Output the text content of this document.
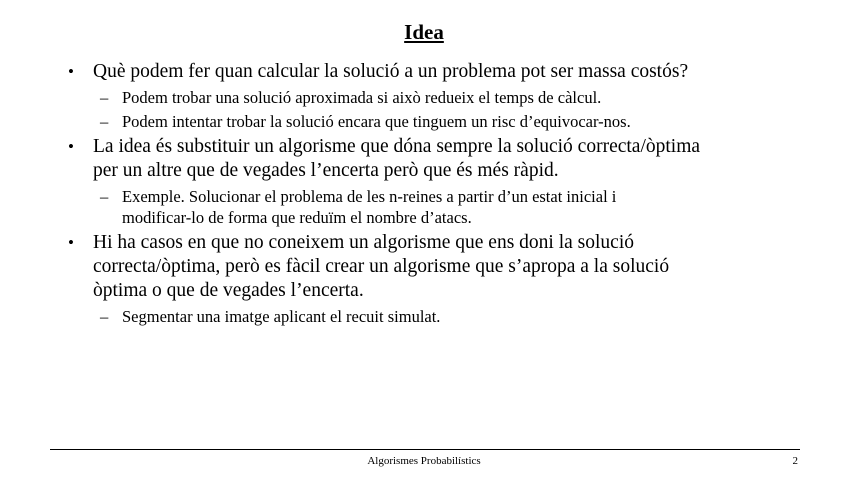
Idea
• Què podem fer quan calcular la solució a un problema pot ser massa costós?
– Podem trobar una solució aproximada si això redueix el temps de càlcul.
– Podem intentar trobar la solució encara que tinguem un risc d’equivocar-nos.
• La idea és substituir un algorisme que dóna sempre la solució correcta/òptima
per un altre que de vegades l’encerta però que és més ràpid.
– Exemple. Solucionar el problema de les n-reines a partir d’un estat inicial i
modificar-lo de forma que reduïm el nombre d’atacs.
• Hi ha casos en que no coneixem un algorisme que ens doni la solució
correcta/òptima, però es fàcil crear un algorisme que s’apropa a la solució
òptima o que de vegades l’encerta.
– Segmentar una imatge aplicant el recuit simulat.
Algorismes Probabilístics	2
